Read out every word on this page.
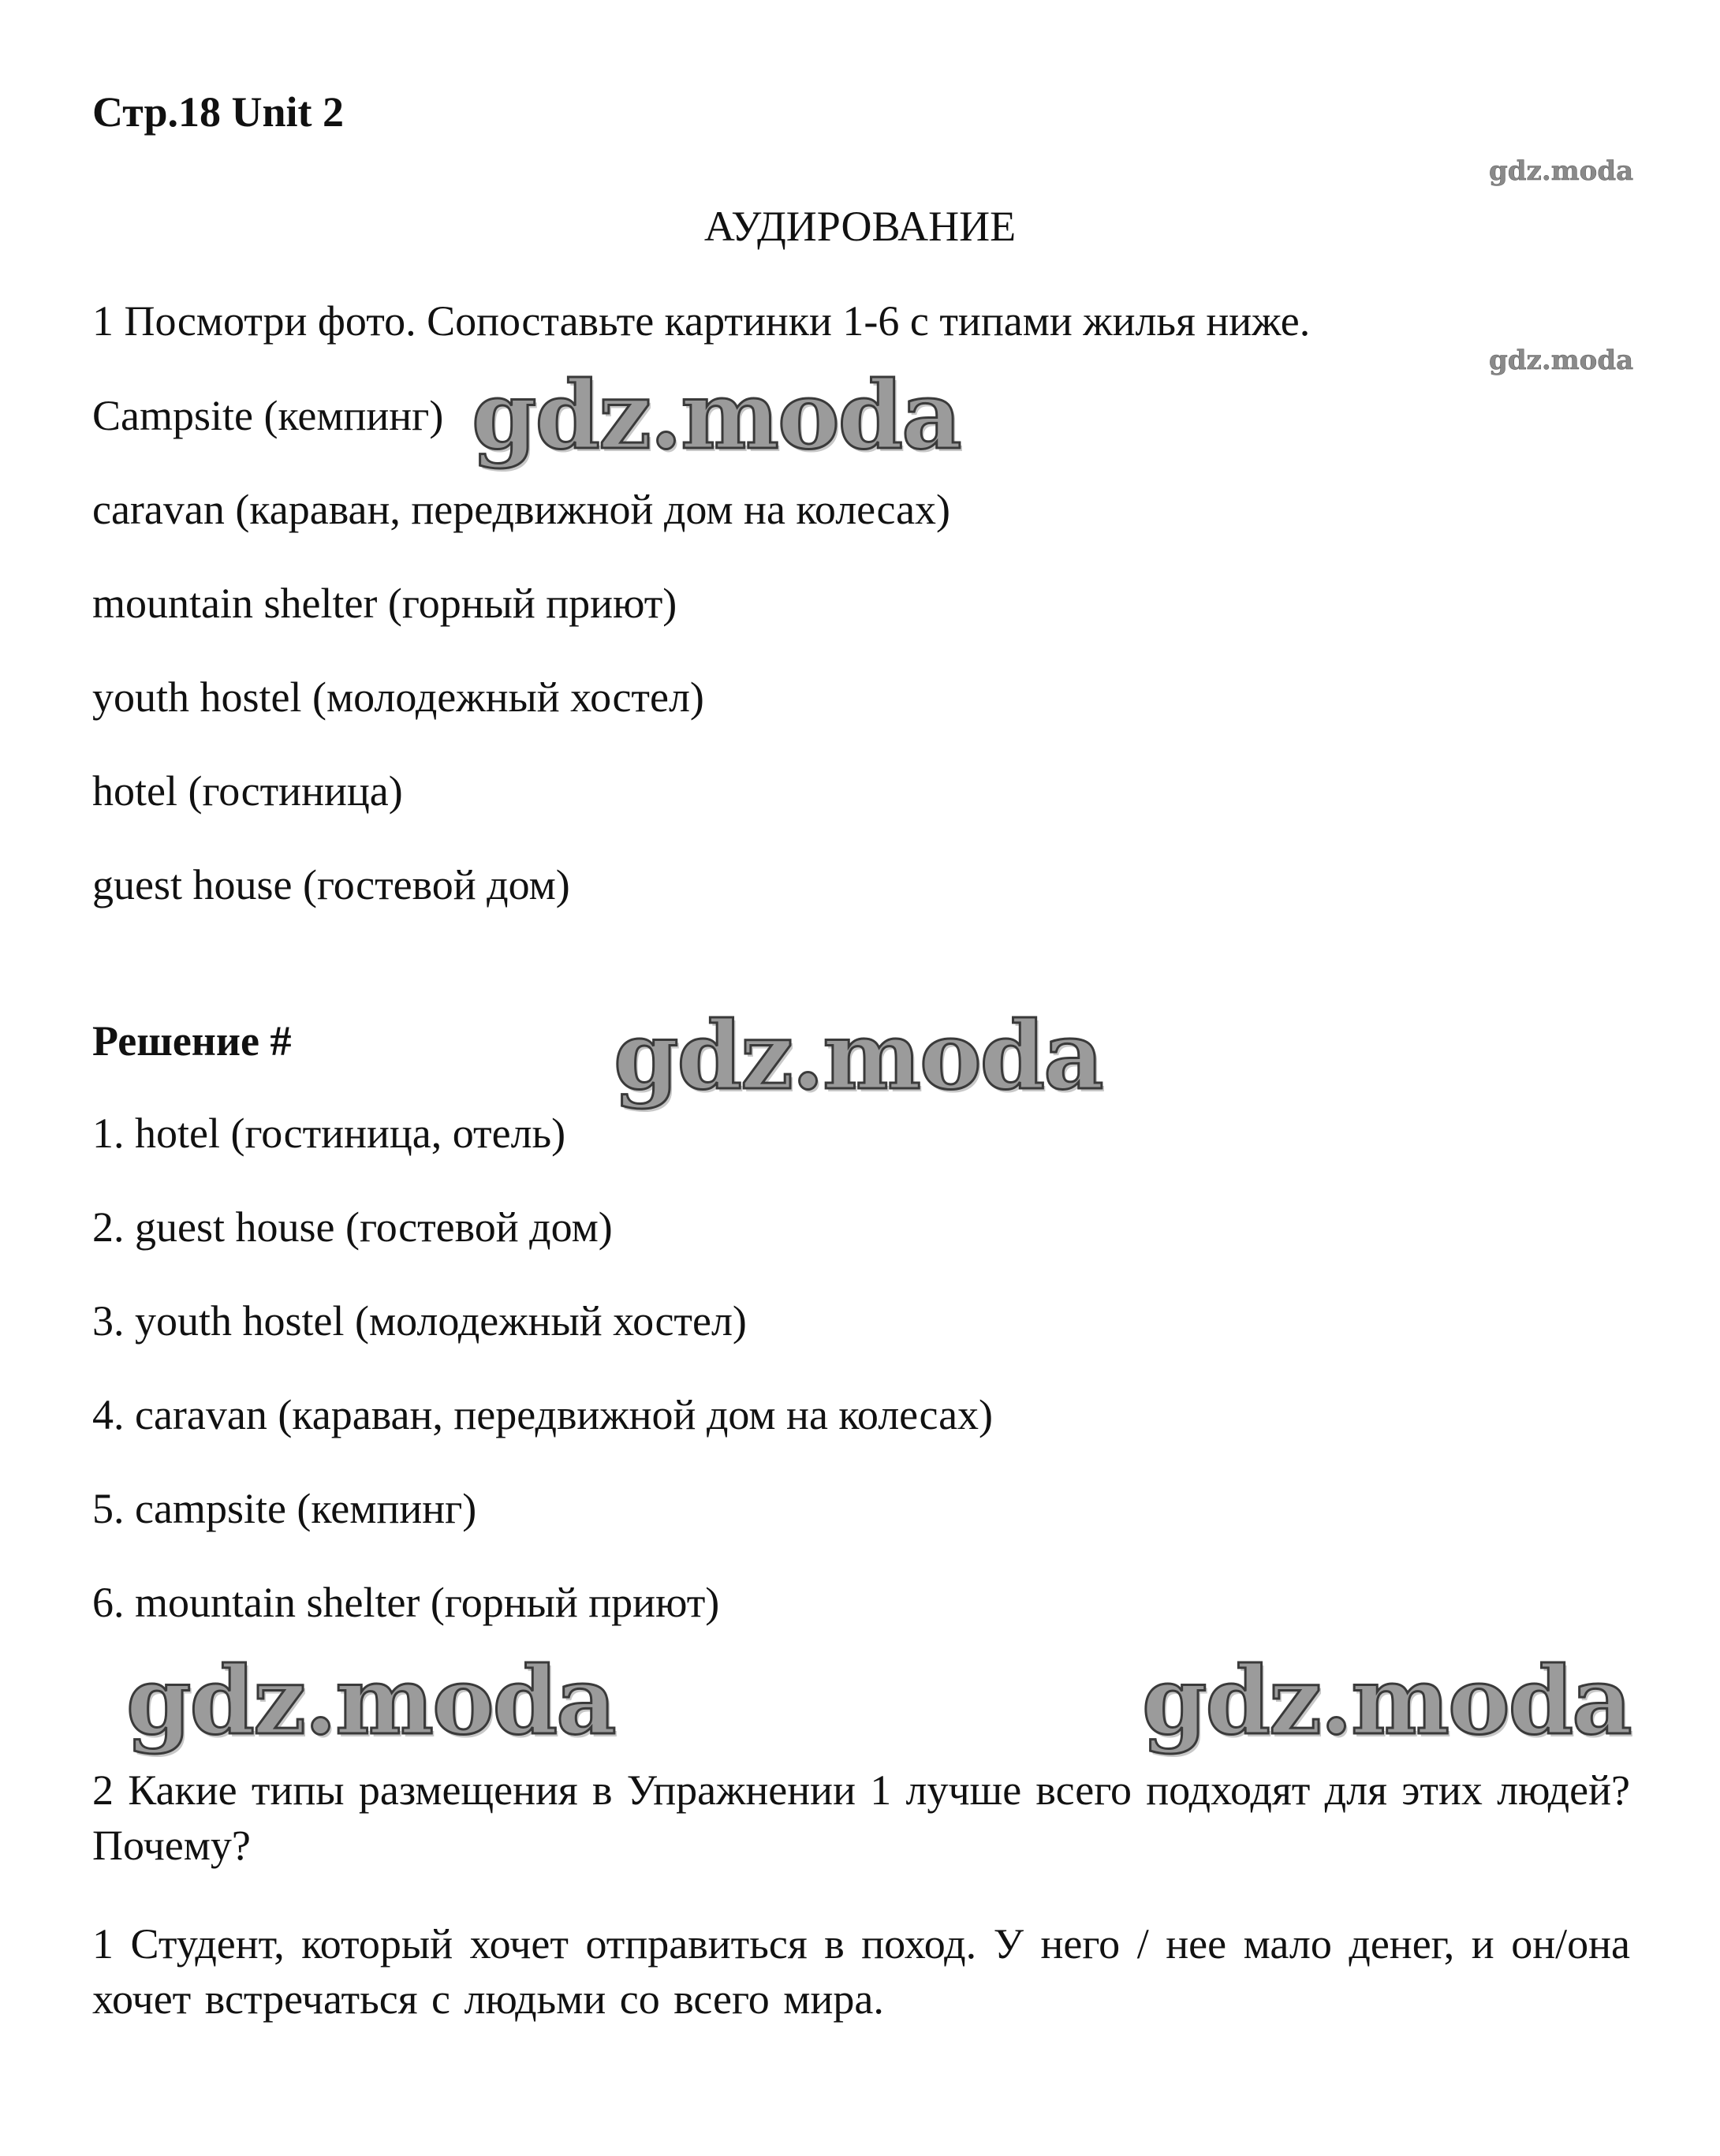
Стр.18 Unit 2
gdz.moda
АУДИРОВАНИЕ
1 Посмотри фото. Сопоставьте картинки 1-6 с типами жилья ниже.
gdz.moda
Campsite (кемпинг) gdz.moda
caravan (караван, передвижной дом на колесах)
mountain shelter (горный приют)
youth hostel (молодежный хостел)
hotel (гостиница)
guest house (гостевой дом)
Решение #	gdz.moda
1. hotel (гостиница, отель)
2. guest house (гостевой дом)
3. youth hostel (молодежный хостел)
4. caravan (караван, передвижной дом на колесах)
5. campsite (кемпинг)
6. mountain shelter (горный приют)
gdz.moda	gdz.moda
2 Какие типы размещения в Упражнении 1 лучше всего подходят для этих людей? Почему?
1 Студент, который хочет отправиться в поход. У него / нее мало денег, и он/она хочет встречаться с людьми со всего мира.
